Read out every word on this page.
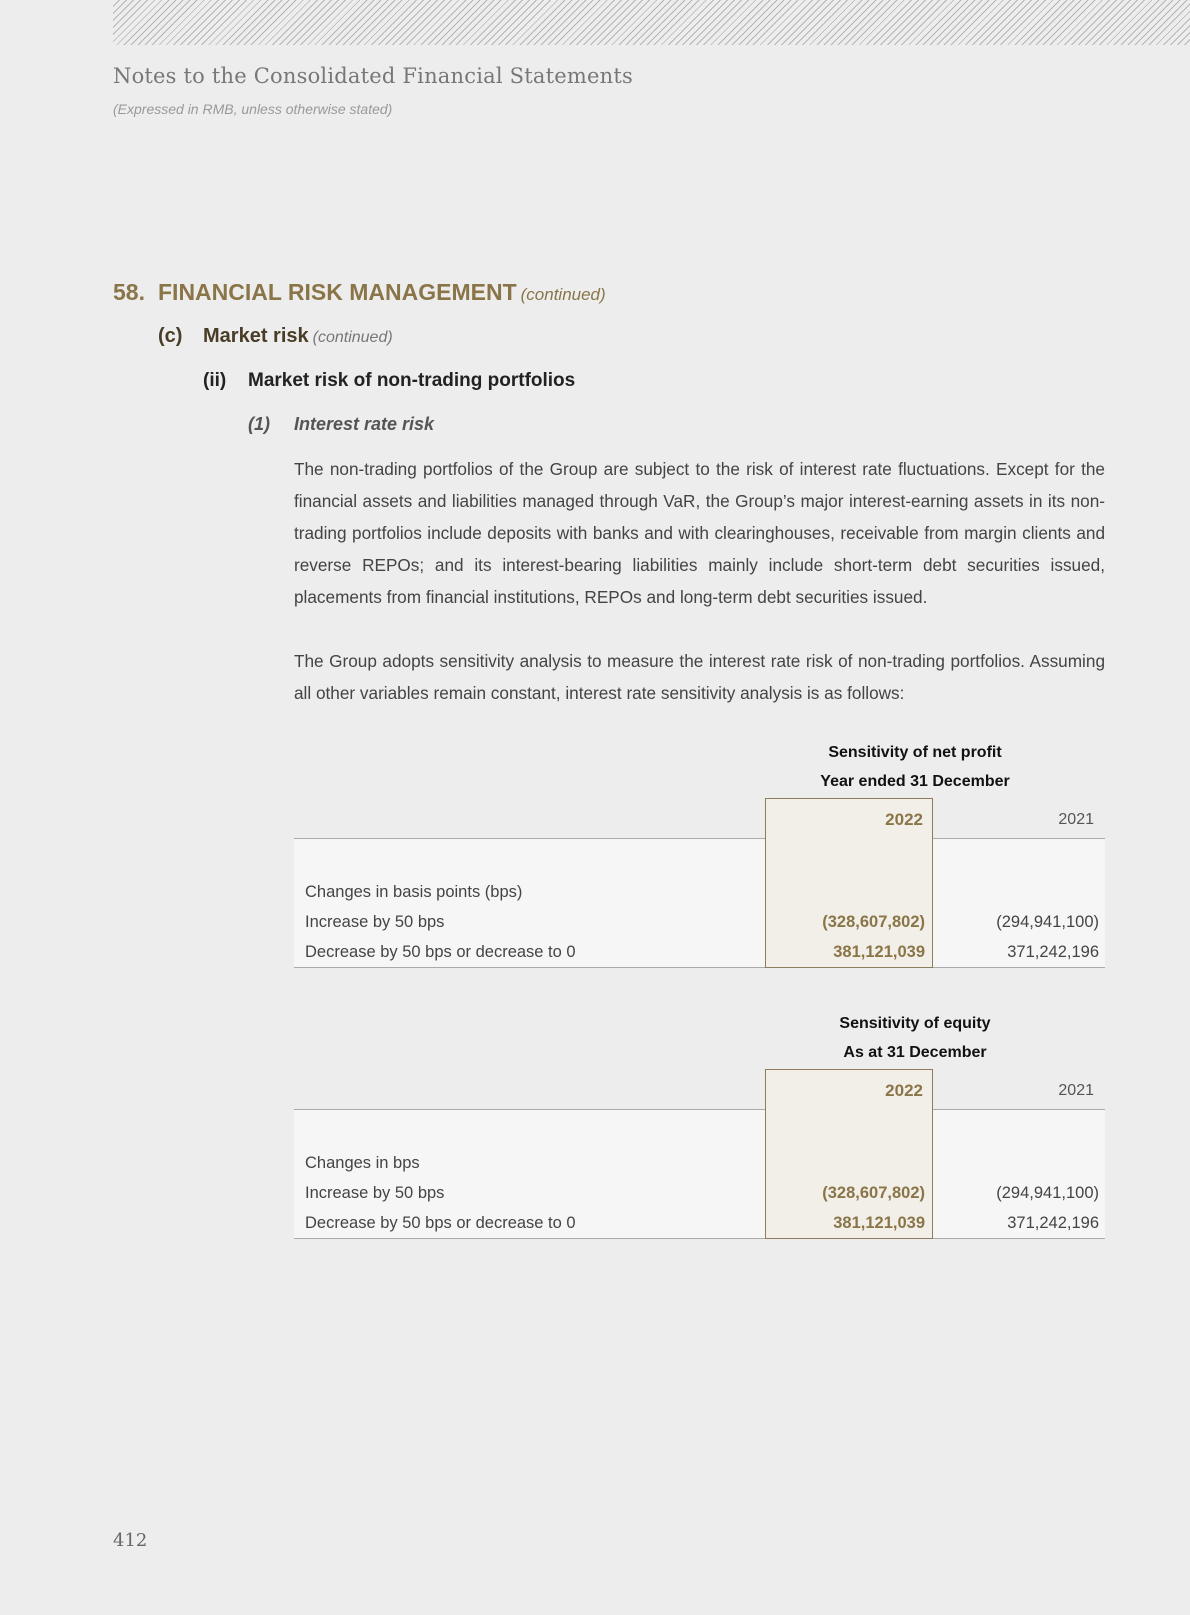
Notes to the Consolidated Financial Statements
(Expressed in RMB, unless otherwise stated)
58. FINANCIAL RISK MANAGEMENT (continued)
(c) Market risk (continued)
(ii) Market risk of non-trading portfolios
(1) Interest rate risk
The non-trading portfolios of the Group are subject to the risk of interest rate fluctuations. Except for the financial assets and liabilities managed through VaR, the Group’s major interest-earning assets in its non-trading portfolios include deposits with banks and with clearinghouses, receivable from margin clients and reverse REPOs; and its interest-bearing liabilities mainly include short-term debt securities issued, placements from financial institutions, REPOs and long-term debt securities issued.
The Group adopts sensitivity analysis to measure the interest rate risk of non-trading portfolios. Assuming all other variables remain constant, interest rate sensitivity analysis is as follows:
Sensitivity of net profit
Year ended 31 December
2022	2021
Changes in basis points (bps)
Increase by 50 bps	(328,607,802)	(294,941,100)
Decrease by 50 bps or decrease to 0	381,121,039	371,242,196
Sensitivity of equity
As at 31 December
2022	2021
Changes in bps
Increase by 50 bps	(328,607,802)	(294,941,100)
Decrease by 50 bps or decrease to 0	381,121,039	371,242,196
412
